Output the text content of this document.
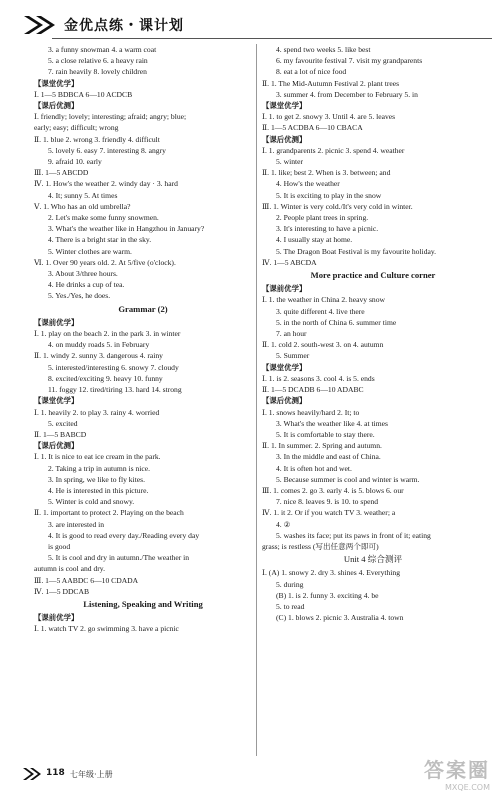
金优点练・课计划
3. a funny snowman 4. a warm coat
5. a close relative 6. a heavy rain
7. rain heavily 8. lovely children
【课堂优学】
Ⅰ. 1—5 BDBCA 6—10 ACDCB
【课后优测】
Ⅰ. friendly; lovely; interesting; afraid; angry; blue;
early; easy; difficult; wrong
Ⅱ. 1. blue 2. wrong 3. friendly 4. difficult
5. lovely 6. easy 7. interesting 8. angry
9. afraid 10. early
Ⅲ. 1—5 ABCDD
Ⅳ. 1. How's the weather 2. windy day · 3. hard
4. It; sunny 5. At times
Ⅴ. 1. Who has an old umbrella?
2. Let's make some funny snowmen.
3. What's the weather like in Hangzhou in January?
4. There is a bright star in the sky.
5. Winter clothes are warm.
Ⅵ. 1. Over 90 years old. 2. At 5/five (o'clock).
3. About 3/three hours.
4. He drinks a cup of tea.
5. Yes./Yes, he does.
Grammar (2)
【课前优学】
Ⅰ. 1. play on the beach 2. in the park 3. in winter
4. on muddy roads 5. in February
Ⅱ. 1. windy 2. sunny 3. dangerous 4. rainy
5. interested/interesting 6. snowy 7. cloudy
8. excited/exciting 9. heavy 10. funny
11. foggy 12. tired/tiring 13. hard 14. strong
【课堂优学】
Ⅰ. 1. heavily 2. to play 3. rainy 4. worried
5. excited
Ⅱ. 1—5 BABCD
【课后优测】
Ⅰ. 1. It is nice to eat ice cream in the park.
2. Taking a trip in autumn is nice.
3. In spring, we like to fly kites.
4. He is interested in this picture.
5. Winter is cold and snowy.
Ⅱ. 1. important to protect 2. Playing on the beach
3. are interested in
4. It is good to read every day./Reading every day
is good
5. It is cool and dry in autumn./The weather in
autumn is cool and dry.
Ⅲ. 1—5 AABDC 6—10 CDADA
Ⅳ. 1—5 DDCAB
Listening, Speaking and Writing
【课前优学】
Ⅰ. 1. watch TV 2. go swimming 3. have a picnic
4. spend two weeks 5. like best
6. my favourite festival 7. visit my grandparents
8. eat a lot of nice food
Ⅱ. 1. The Mid-Autumn Festival 2. plant trees
3. summer 4. from December to February 5. in
【课堂优学】
Ⅰ. 1. to get 2. snowy 3. Until 4. are 5. leaves
Ⅱ. 1—5 ACDBA 6—10 CBACA
【课后优测】
Ⅰ. 1. grandparents 2. picnic 3. spend 4. weather
5. winter
Ⅱ. 1. like; best 2. When is 3. between; and
4. How's the weather
5. It is exciting to play in the snow
Ⅲ. 1. Winter is very cold./It's very cold in winter.
2. People plant trees in spring.
3. It's interesting to have a picnic.
4. I usually stay at home.
5. The Dragon Boat Festival is my favourite holiday.
Ⅳ. 1—5 ABCDA
More practice and Culture corner
【课前优学】
Ⅰ. 1. the weather in China 2. heavy snow
3. quite different 4. live there
5. in the north of China 6. summer time
7. an hour
Ⅱ. 1. cold 2. south-west 3. on 4. autumn
5. Summer
【课堂优学】
Ⅰ. 1. is 2. seasons 3. cool 4. is 5. ends
Ⅱ. 1—5 DCADB 6—10 ADABC
【课后优测】
Ⅰ. 1. snows heavily/hard 2. It; to
3. What's the weather like 4. at times
5. It is comfortable to stay there.
Ⅱ. 1. In summer. 2. Spring and autumn.
3. In the middle and east of China.
4. It is often hot and wet.
5. Because summer is cool and winter is warm.
Ⅲ. 1. comes 2. go 3. early 4. is 5. blows 6. our
7. nice 8. leaves 9. is 10. to spend
Ⅳ. 1. it 2. Or if you watch TV 3. weather; a
4. ②
5. washes its face; put its paws in front of it; eating
grass; is restless (写出任意两个即可)
Unit 4 综合测评
Ⅰ. (A) 1. snowy 2. dry 3. shines 4. Everything
5. during
(B) 1. is 2. funny 3. exciting 4. be
5. to read
(C) 1. blows 2. picnic 3. Australia 4. town
118 七年级·上册	答案圈
MXQE.COM
